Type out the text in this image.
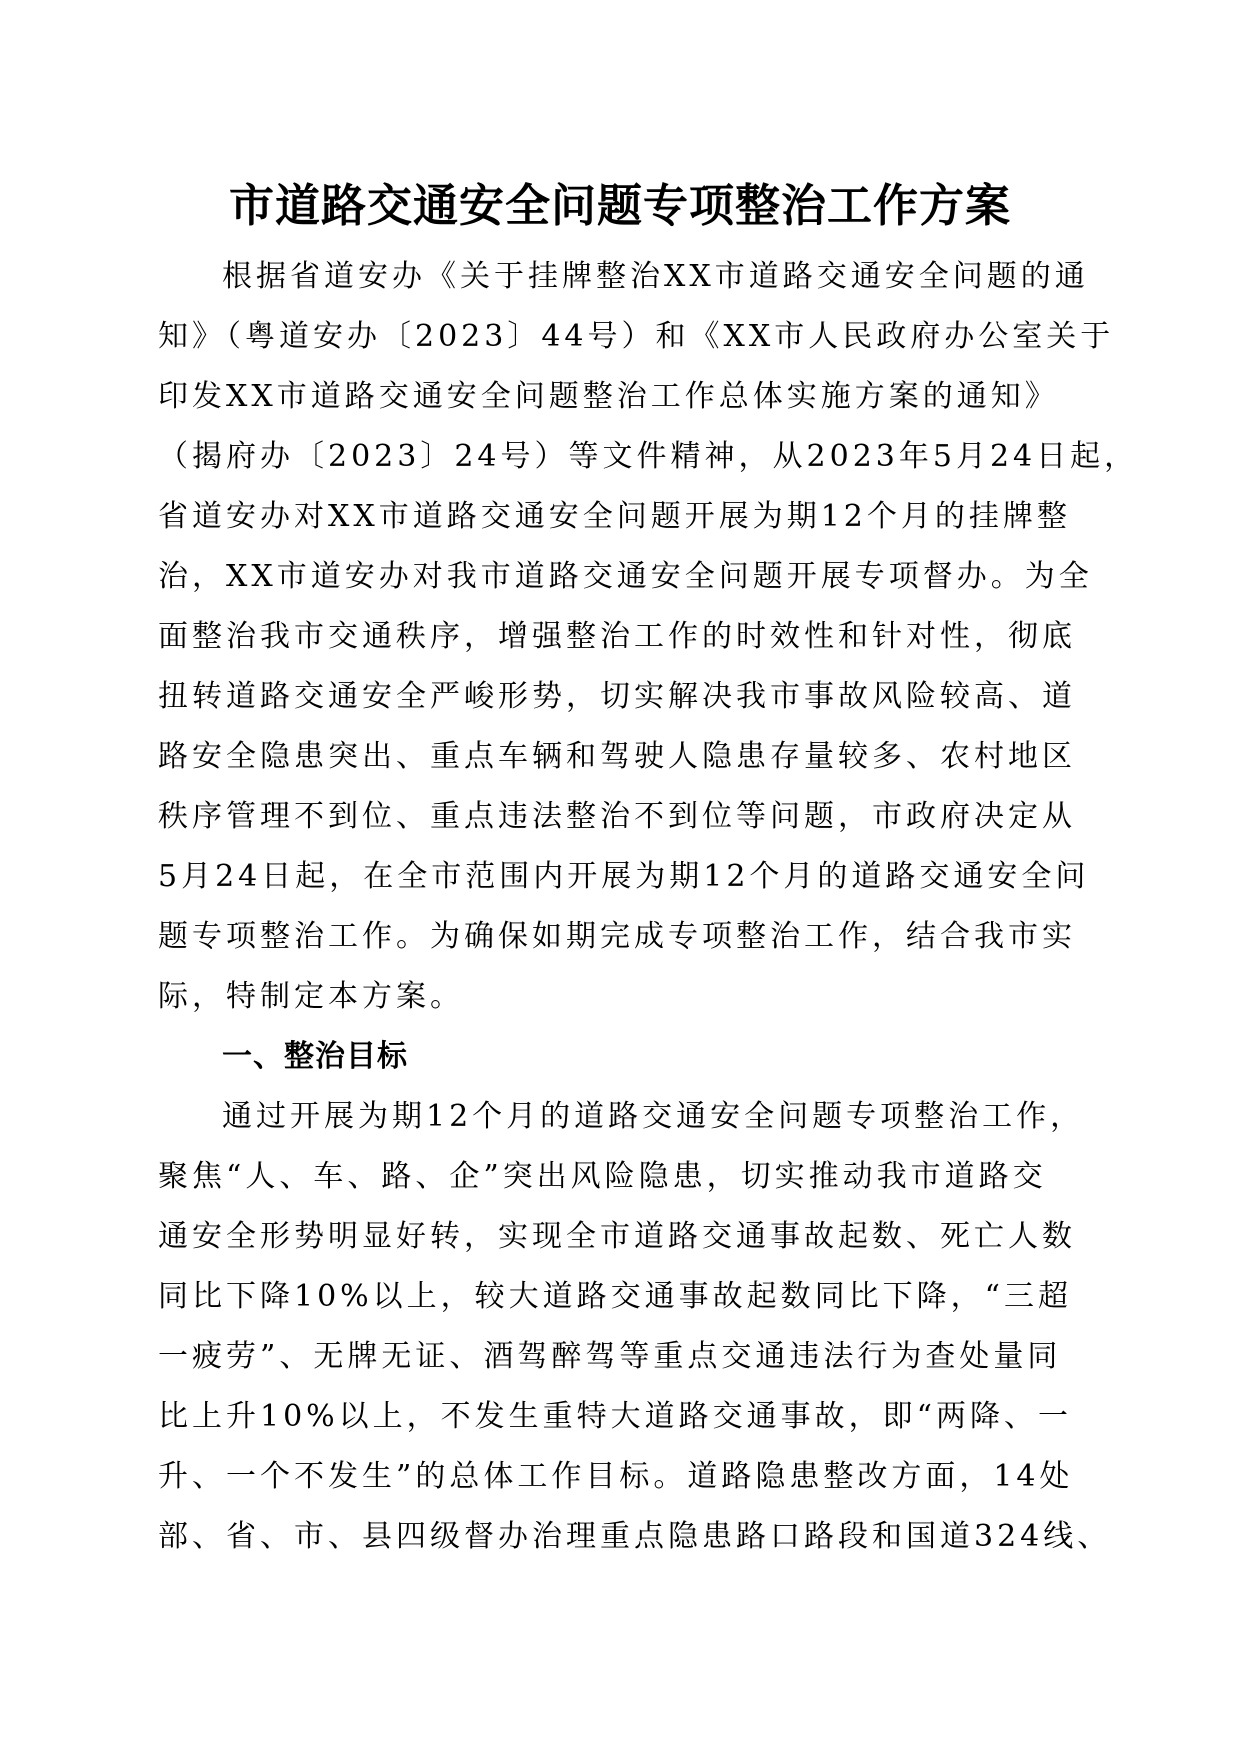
市道路交通安全问题专项整治工作方案
根据省道安办《关于挂牌整治XX市道路交通安全问题的通
知》（粤道安办〔2023〕44号）和《XX市人民政府办公室关于
印发XX市道路交通安全问题整治工作总体实施方案的通知》
（揭府办〔2023〕24号）等文件精神，从2023年5月24日起，
省道安办对XX市道路交通安全问题开展为期12个月的挂牌整
治，XX市道安办对我市道路交通安全问题开展专项督办。为全
面整治我市交通秩序，增强整治工作的时效性和针对性，彻底
扭转道路交通安全严峻形势，切实解决我市事故风险较高、道
路安全隐患突出、重点车辆和驾驶人隐患存量较多、农村地区
秩序管理不到位、重点违法整治不到位等问题，市政府决定从
5月24日起，在全市范围内开展为期12个月的道路交通安全问
题专项整治工作。为确保如期完成专项整治工作，结合我市实
际，特制定本方案。
一、整治目标
通过开展为期12个月的道路交通安全问题专项整治工作，
聚焦“人、车、路、企”突出风险隐患，切实推动我市道路交
通安全形势明显好转，实现全市道路交通事故起数、死亡人数
同比下降10%以上，较大道路交通事故起数同比下降，“三超
一疲劳”、无牌无证、酒驾醉驾等重点交通违法行为查处量同
比上升10%以上，不发生重特大道路交通事故，即“两降、一
升、一个不发生”的总体工作目标。道路隐患整改方面，14处
部、省、市、县四级督办治理重点隐患路口路段和国道324线、
